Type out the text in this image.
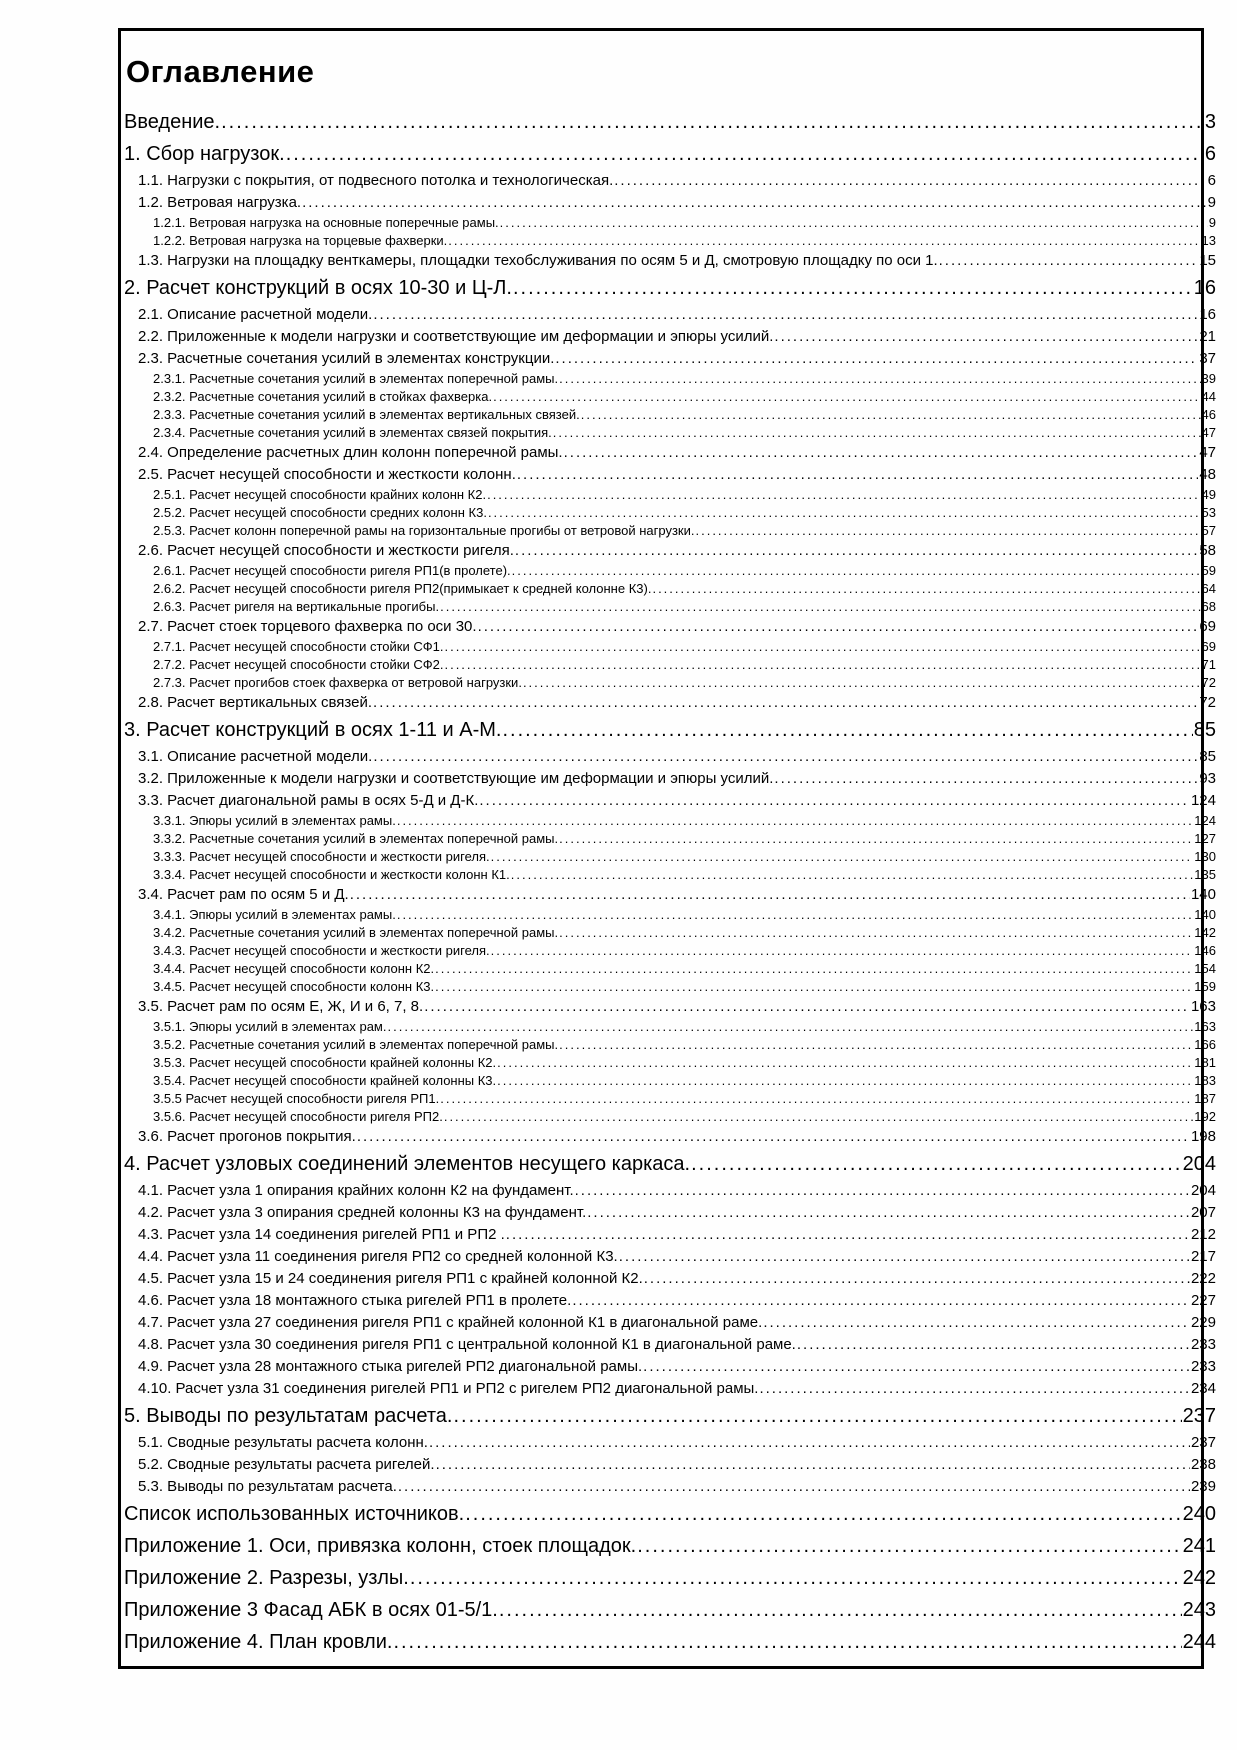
Оглавление
Введение. .....	3
1. Сбор нагрузок. .....	6
1.1. Нагрузки с покрытия, от подвесного потолка и технологическая. .....	6
1.2. Ветровая нагрузка. .....	9
1.2.1. Ветровая нагрузка на основные поперечные рамы. .....	9
1.2.2. Ветровая нагрузка на торцевые фахверки. .....	13
1.3. Нагрузки на площадку венткамеры, площадки техобслуживания по осям 5 и Д, смотровую площадку по оси 1. .....	15
2. Расчет конструкций в осях 10-30 и Ц-Л. .....	16
2.1. Описание расчетной модели. .....	16
2.2. Приложенные к модели нагрузки и соответствующие им деформации и эпюры усилий. .....	21
2.3. Расчетные сочетания усилий в элементах конструкции. .....	37
2.3.1. Расчетные сочетания усилий в элементах поперечной рамы. .....	39
2.3.2. Расчетные сочетания усилий в стойках фахверка. .....	44
2.3.3. Расчетные сочетания усилий в элементах вертикальных связей. .....	46
2.3.4. Расчетные сочетания усилий в элементах связей покрытия. .....	47
2.4. Определение расчетных длин колонн поперечной рамы. .....	47
2.5. Расчет несущей способности и жесткости колонн. .....	48
2.5.1. Расчет несущей способности крайних колонн К2. .....	49
2.5.2. Расчет несущей способности средних колонн К3. .....	53
2.5.3. Расчет колонн поперечной рамы на горизонтальные прогибы от ветровой нагрузки. .....	57
2.6. Расчет несущей способности и жесткости ригеля. .....	58
2.6.1. Расчет несущей способности ригеля РП1(в пролете). .....	59
2.6.2. Расчет несущей способности ригеля РП2(примыкает к средней колонне К3). .....	64
2.6.3. Расчет ригеля на вертикальные прогибы. .....	68
2.7. Расчет стоек торцевого фахверка по оси 30. .....	69
2.7.1. Расчет несущей способности стойки СФ1. .....	69
2.7.2. Расчет несущей способности стойки СФ2. .....	71
2.7.3. Расчет прогибов стоек фахверка от ветровой нагрузки. .....	72
2.8. Расчет вертикальных связей. .....	72
3. Расчет конструкций в осях 1-11 и А-М. .....	85
3.1. Описание расчетной модели. .....	85
3.2. Приложенные к модели нагрузки и соответствующие им деформации и эпюры усилий. .....	93
3.3. Расчет диагональной рамы в осях 5-Д и Д-К. .....	124
3.3.1. Эпюры усилий в элементах рамы. .....	124
3.3.2. Расчетные сочетания усилий в элементах поперечной рамы. .....	127
3.3.3. Расчет несущей способности и жесткости ригеля. .....	130
3.3.4. Расчет несущей способности и жесткости колонн К1. .....	135
3.4. Расчет рам по осям 5 и Д. .....	140
3.4.1. Эпюры усилий в элементах рамы. .....	140
3.4.2. Расчетные сочетания усилий в элементах поперечной рамы. .....	142
3.4.3. Расчет несущей способности и жесткости ригеля. .....	146
3.4.4. Расчет несущей способности колонн К2. .....	154
3.4.5. Расчет несущей способности колонн К3. .....	159
3.5. Расчет рам по осям Е, Ж, И и 6, 7, 8. .....	163
3.5.1. Эпюры усилий в элементах рам. .....	163
3.5.2. Расчетные сочетания усилий в элементах поперечной рамы. .....	166
3.5.3. Расчет несущей способности крайней колонны К2. .....	181
3.5.4. Расчет несущей способности крайней колонны К3. .....	183
3.5.5 Расчет несущей способности ригеля РП1. .....	187
3.5.6. Расчет несущей способности ригеля РП2. .....	192
3.6. Расчет прогонов покрытия. .....	198
4. Расчет узловых соединений элементов несущего каркаса. .....	204
4.1. Расчет узла 1 опирания крайних колонн К2 на фундамент. .....	204
4.2. Расчет узла 3 опирания средней колонны К3 на фундамент. .....	207
4.3. Расчет узла 14 соединения ригелей РП1 и РП2 . .....	212
4.4. Расчет узла 11 соединения ригеля РП2 со средней колонной К3. .....	217
4.5. Расчет узла 15 и 24 соединения ригеля РП1 с крайней колонной К2. .....	222
4.6. Расчет узла 18 монтажного стыка ригелей РП1 в пролете. .....	227
4.7. Расчет узла 27 соединения ригеля РП1 с крайней колонной К1 в диагональной раме. .....	229
4.8. Расчет узла 30 соединения ригеля РП1 с центральной колонной К1 в диагональной раме. .....	233
4.9. Расчет узла 28 монтажного стыка ригелей РП2 диагональной рамы. .....	233
4.10. Расчет узла 31 соединения ригелей РП1 и РП2 с ригелем РП2 диагональной рамы. .....	234
5. Выводы по результатам расчета. .....	237
5.1. Сводные результаты расчета колонн. .....	237
5.2. Сводные результаты расчета ригелей. .....	238
5.3. Выводы по результатам расчета. .....	239
Список использованных источников. .....	240
Приложение 1. Оси, привязка колонн, стоек площадок. .....	241
Приложение 2. Разрезы, узлы. .....	242
Приложение 3 Фасад АБК в осях 01-5/1. .....	243
Приложение 4. План кровли. .....	244
